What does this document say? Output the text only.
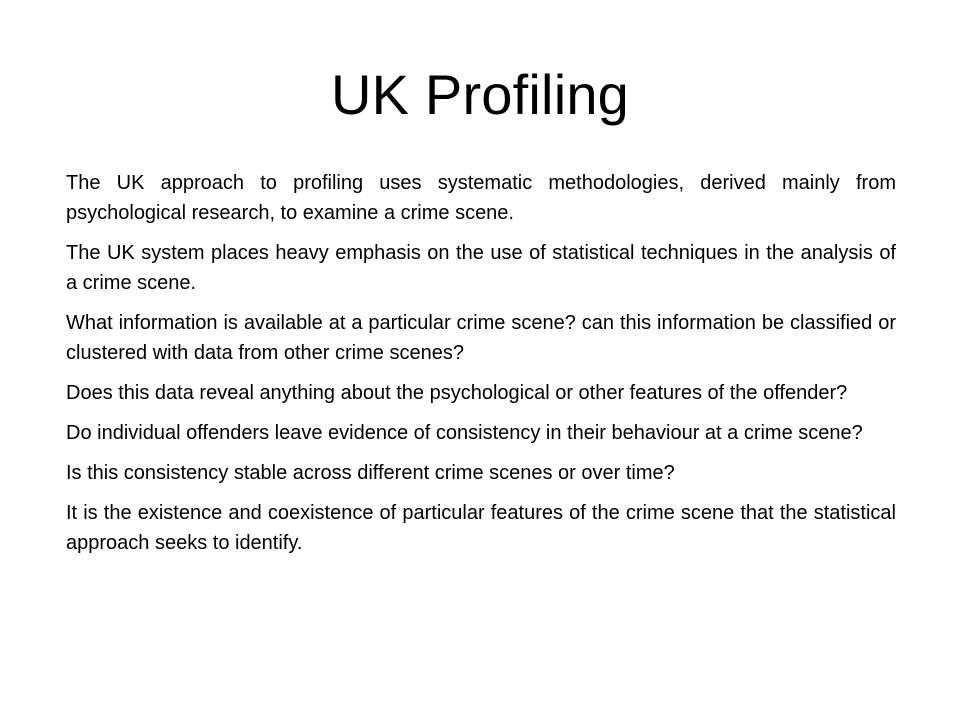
UK Profiling

The UK approach to profiling uses systematic methodologies, derived mainly from psychological research, to examine a crime scene.

The UK system places heavy emphasis on the use of statistical techniques in the analysis of a crime scene.

What information is available at a particular crime scene? can this information be classified or clustered with data from other crime scenes?

Does this data reveal anything about the psychological or other features of the offender?

Do individual offenders leave evidence of consistency in their behaviour at a crime scene?

Is this consistency stable across different crime scenes or over time?

It is the existence and coexistence of particular features of the crime scene that the statistical approach seeks to identify.
